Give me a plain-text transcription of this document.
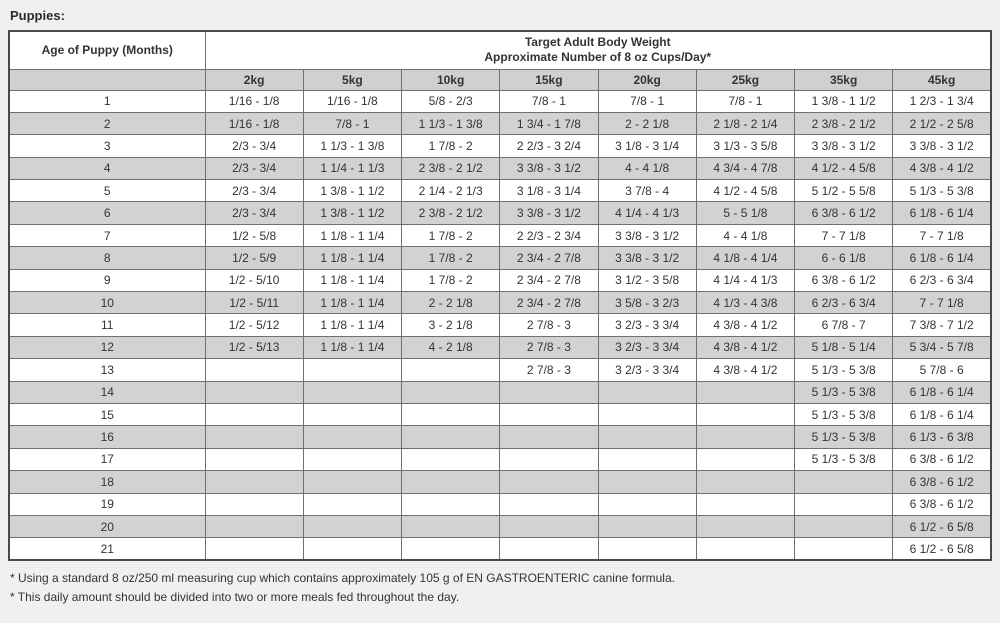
Puppies:

Age of Puppy (Months)	Target Adult Body Weight
Approximate Number of 8 oz Cups/Day*							

	2kg	5kg	10kg	15kg	20kg	25kg	35kg	45kg
1	1/16 - 1/8	1/16 - 1/8	5/8 - 2/3	7/8 - 1	7/8 - 1	7/8 - 1	1 3/8 - 1 1/2	1 2/3 - 1 3/4
2	1/16 - 1/8	7/8 - 1	1 1/3 - 1 3/8	1 3/4 - 1 7/8	2 - 2 1/8	2 1/8 - 2 1/4	2 3/8 - 2 1/2	2 1/2 - 2 5/8
3	2/3 - 3/4	1 1/3 - 1 3/8	1 7/8 - 2	2 2/3 - 3 2/4	3 1/8 - 3 1/4	3 1/3 - 3 5/8	3 3/8 - 3 1/2	3 3/8 - 3 1/2
4	2/3 - 3/4	1 1/4 - 1 1/3	2 3/8 - 2 1/2	3 3/8 - 3 1/2	4 - 4 1/8	4 3/4 - 4 7/8	4 1/2 - 4 5/8	4 3/8 - 4 1/2
5	2/3 - 3/4	1 3/8 - 1 1/2	2 1/4 - 2 1/3	3 1/8 - 3 1/4	3 7/8 - 4	4 1/2 - 4 5/8	5 1/2 - 5 5/8	5 1/3 - 5 3/8
6	2/3 - 3/4	1 3/8 - 1 1/2	2 3/8 - 2 1/2	3 3/8 - 3 1/2	4 1/4 - 4 1/3	5 - 5 1/8	6 3/8 - 6 1/2	6 1/8 - 6 1/4
7	1/2 - 5/8	1 1/8 - 1 1/4	1 7/8 - 2	2 2/3 - 2 3/4	3 3/8 - 3 1/2	4 - 4 1/8	7 - 7 1/8	7 - 7 1/8
8	1/2 - 5/9	1 1/8 - 1 1/4	1 7/8 - 2	2 3/4 - 2 7/8	3 3/8 - 3 1/2	4 1/8 - 4 1/4	6 - 6 1/8	6 1/8 - 6 1/4
9	1/2 - 5/10	1 1/8 - 1 1/4	1 7/8 - 2	2 3/4 - 2 7/8	3 1/2 - 3 5/8	4 1/4 - 4 1/3	6 3/8 - 6 1/2	6 2/3 - 6 3/4
10	1/2 - 5/11	1 1/8 - 1 1/4	2 - 2 1/8	2 3/4 - 2 7/8	3 5/8 - 3 2/3	4 1/3 - 4 3/8	6 2/3 - 6 3/4	7 - 7 1/8
11	1/2 - 5/12	1 1/8 - 1 1/4	3 - 2 1/8	2 7/8 - 3	3 2/3 - 3 3/4	4 3/8 - 4 1/2	6 7/8 - 7	7 3/8 - 7 1/2
12	1/2 - 5/13	1 1/8 - 1 1/4	4 - 2 1/8	2 7/8 - 3	3 2/3 - 3 3/4	4 3/8 - 4 1/2	5 1/8 - 5 1/4	5 3/4 - 5 7/8
13				2 7/8 - 3	3 2/3 - 3 3/4	4 3/8 - 4 1/2	5 1/3 - 5 3/8	5 7/8 - 6
14							5 1/3 - 5 3/8	6 1/8 - 6 1/4
15							5 1/3 - 5 3/8	6 1/8 - 6 1/4
16							5 1/3 - 5 3/8	6 1/3 - 6 3/8
17							5 1/3 - 5 3/8	6 3/8 - 6 1/2
18								6 3/8 - 6 1/2
19								6 3/8 - 6 1/2
20								6 1/2 - 6 5/8
21								6 1/2 - 6 5/8

* Using a standard 8 oz/250 ml measuring cup which contains approximately 105 g of EN GASTROENTERIC canine formula.

* This daily amount should be divided into two or more meals fed throughout the day.
